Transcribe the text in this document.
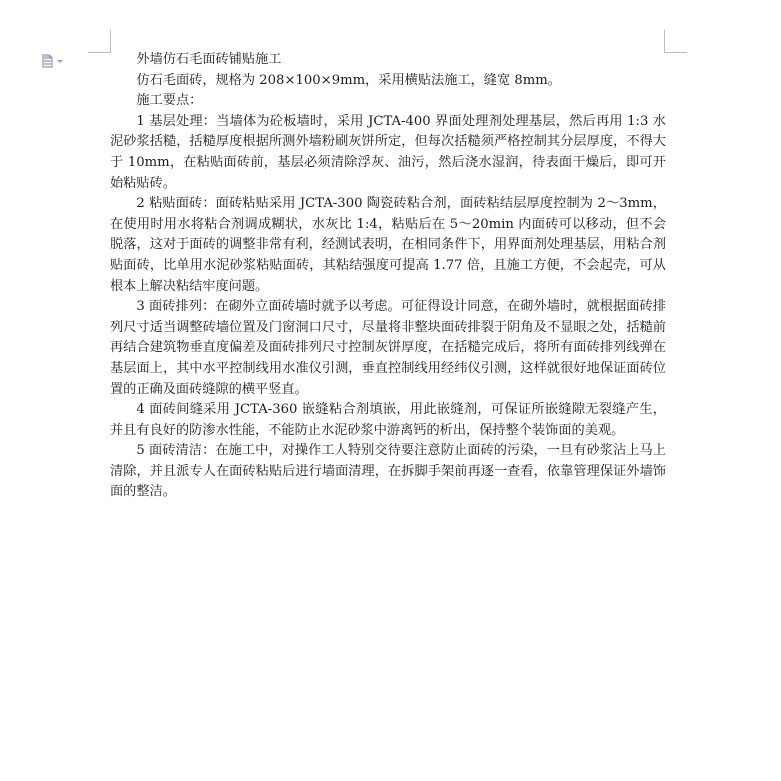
外墙仿石毛面砖铺贴施工

仿石毛面砖，规格为 208×100×9mm，采用横贴法施工，缝宽 8mm。

施工要点：

1 基层处理：当墙体为砼板墙时，采用 JCTA-400 界面处理剂处理基层，然后再用 1:3 水泥砂浆括糙，括糙厚度根据所测外墙粉刷灰饼所定，但每次括糙须严格控制其分层厚度，不得大于 10mm，在粘贴面砖前，基层必须清除浮灰、油污，然后浇水湿润，待表面干燥后，即可开始粘贴砖。

2 粘贴面砖：面砖粘贴采用 JCTA-300 陶瓷砖粘合剂，面砖粘结层厚度控制为 2～3mm，在使用时用水将粘合剂调成糊状，水灰比 1:4，粘贴后在 5～20min 内面砖可以移动，但不会脱落，这对于面砖的调整非常有利，经测试表明，在相同条件下，用界面剂处理基层，用粘合剂贴面砖，比单用水泥砂浆粘贴面砖，其粘结强度可提高 1.77 倍，且施工方便，不会起壳，可从根本上解决粘结牢度问题。

3 面砖排列：在砌外立面砖墙时就予以考虑。可征得设计同意，在砌外墙时，就根据面砖排列尺寸适当调整砖墙位置及门窗洞口尺寸，尽量将非整块面砖排裂于阴角及不显眼之处，括糙前再结合建筑物垂直度偏差及面砖排列尺寸控制灰饼厚度，在括糙完成后，将所有面砖排列线弹在基层面上，其中水平控制线用水准仪引测，垂直控制线用经纬仪引测，这样就很好地保证面砖位置的正确及面砖缝隙的横平竖直。

4 面砖间缝采用 JCTA-360 嵌缝粘合剂填嵌，用此嵌缝剂，可保证所嵌缝隙无裂缝产生，并且有良好的防渗水性能，不能防止水泥砂浆中游离钙的析出，保持整个装饰面的美观。

5 面砖清洁：在施工中，对操作工人特别交待要注意防止面砖的污染，一旦有砂浆沾上马上清除，并且派专人在面砖粘贴后进行墙面清理，在拆脚手架前再逐一查看，依靠管理保证外墙饰面的整洁。
